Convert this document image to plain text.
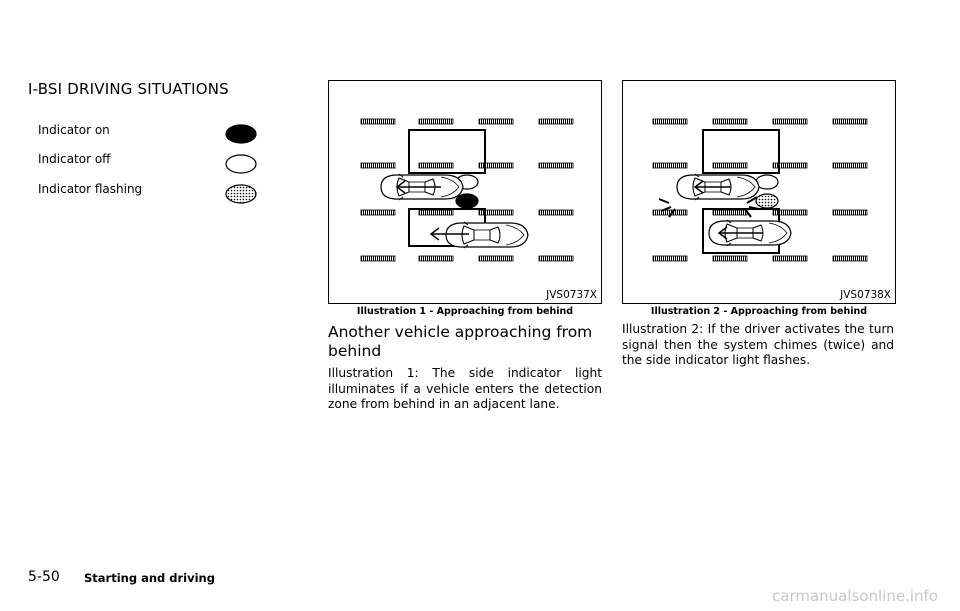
I-BSI DRIVING SITUATIONS
Indicator on
Indicator off
Indicator flashing
JVS0737X
Illustration 1 - Approaching from behind
JVS0738X
Illustration 2 - Approaching from behind
Another vehicle approaching from behind

Illustration 1: The side indicator light illuminates if a vehicle enters the detection zone from behind in an adjacent lane.

Illustration 2: If the driver activates the turn signal then the system chimes (twice) and the side indicator light flashes.

5-50 Starting and driving
carmanualsonline.info
